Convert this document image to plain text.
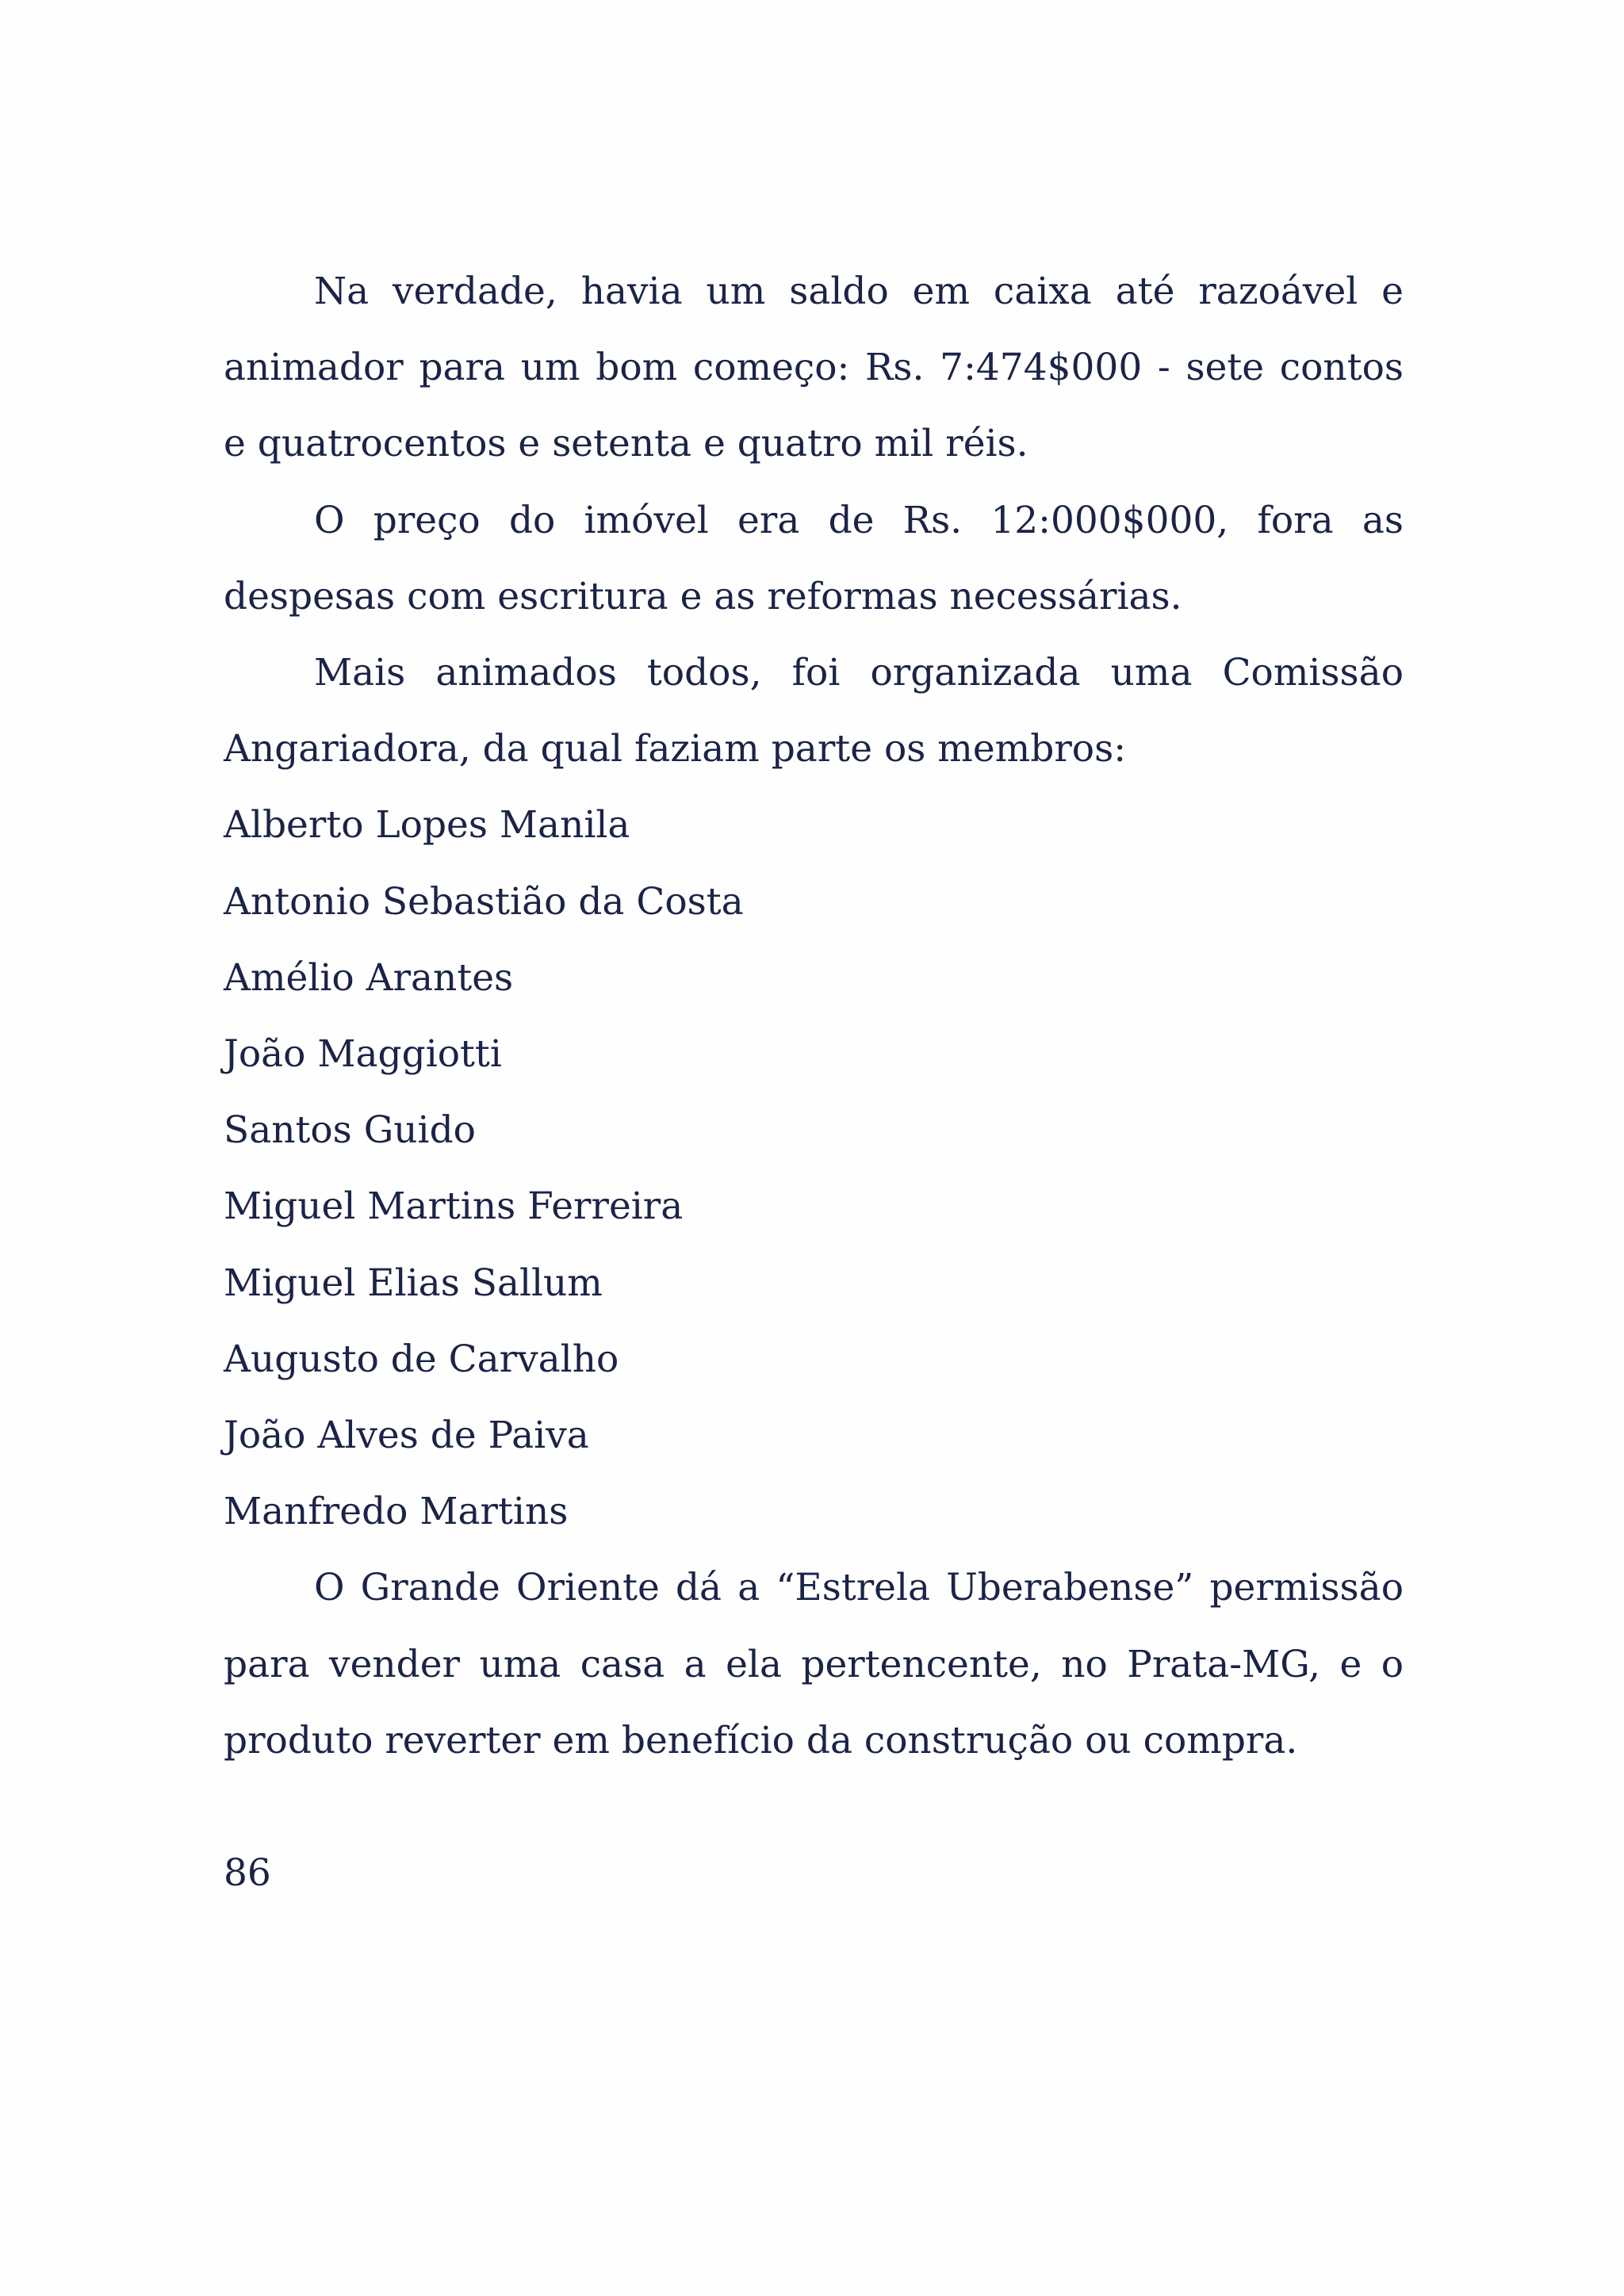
Na verdade, havia um saldo em caixa até razoável e animador para um bom começo: Rs. 7:474$000 - sete contos e quatrocentos e setenta e quatro mil réis.

O preço do imóvel era de Rs. 12:000$000, fora as despesas com escritura e as reformas necessárias.

Mais animados todos, foi organizada uma Comissão Angariadora, da qual faziam parte os membros:

Alberto Lopes Manila

Antonio Sebastião da Costa

Amélio Arantes

João Maggiotti

Santos Guido

Miguel Martins Ferreira

Miguel Elias Sallum

Augusto de Carvalho

João Alves de Paiva

Manfredo Martins

O Grande Oriente dá a “Estrela Uberabense” permissão para vender uma casa a ela pertencente, no Prata-MG, e o produto reverter em benefício da construção ou compra.

86
